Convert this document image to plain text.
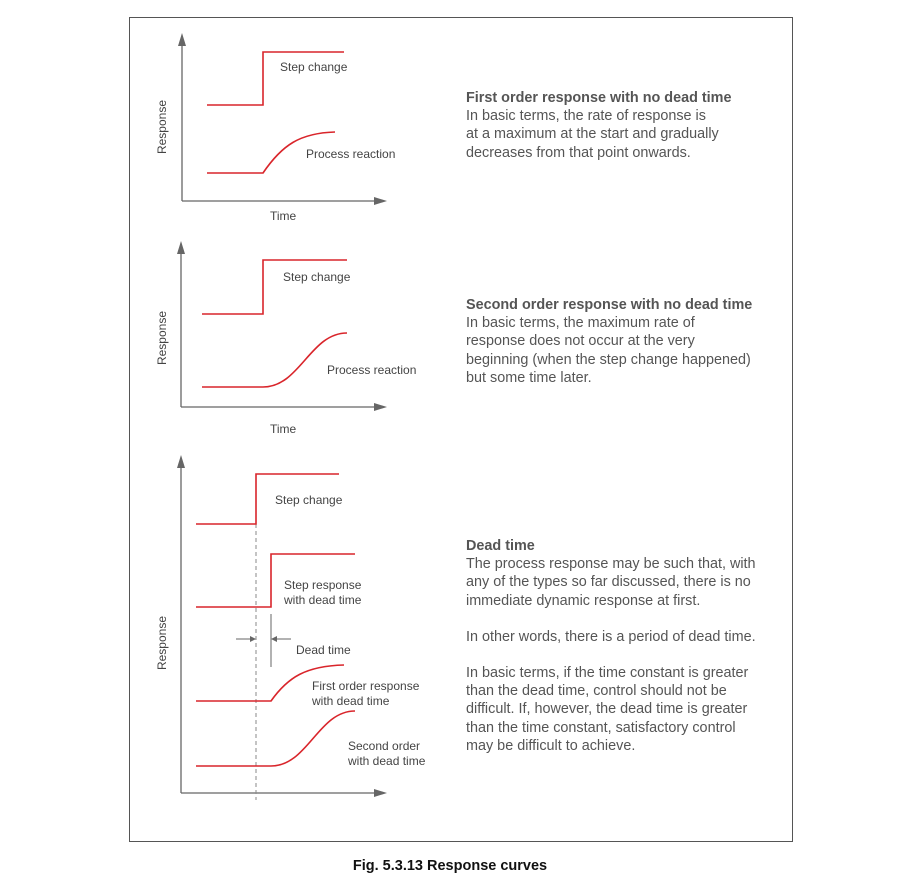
Step change
Process reaction
Time
Response
Step change
Process reaction
Time
Response
Step change
Step response
with dead time
Dead time
First order response
with dead time
Second order
with dead time
Response
First order response with no dead time
In basic terms, the rate of response is
at a maximum at the start and gradually
decreases from that point onwards.
Second order response with no dead time
In basic terms, the maximum rate of
response does not occur at the very
beginning (when the step change happened)
but some time later.
Dead time
The process response may be such that, with
any of the types so far discussed, there is no
immediate dynamic response at first.
In other words, there is a period of dead time.
In basic terms, if the time constant is greater
than the dead time, control should not be
difficult. If, however, the dead time is greater
than the time constant, satisfactory control
may be difficult to achieve.
Fig. 5.3.13 Response curves
